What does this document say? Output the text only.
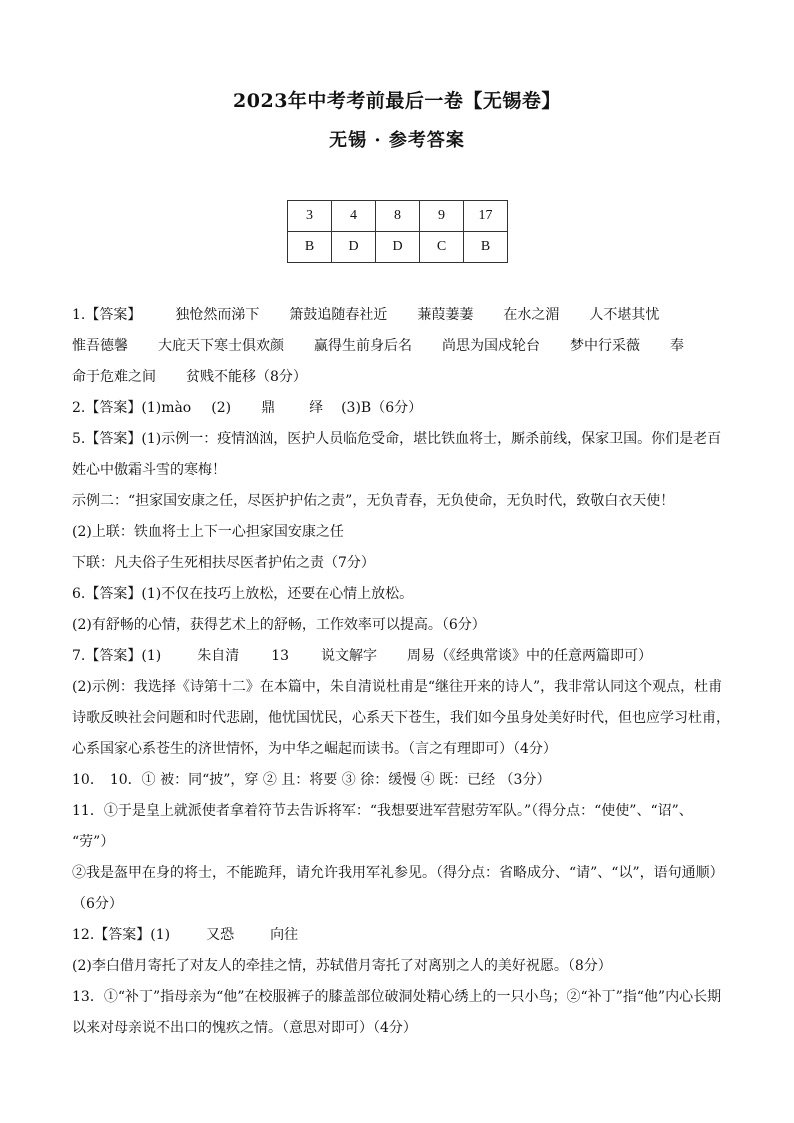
2023年中考考前最后一卷【无锡卷】
无锡 · 参考答案
3	4	8	9	17
B	D	D	C	B
1.【答案】 独怆然而涕下 箫鼓追随春社近 蒹葭萋萋 在水之湄 人不堪其忧
惟吾德馨 大庇天下寒士俱欢颜 赢得生前身后名 尚思为国戍轮台 梦中行采薇 奉
命于危难之间 贫贱不能移（8分）
2.【答案】(1)mào (2) 鼎 绎 (3)B（6分）
5.【答案】(1)示例一：疫情汹汹，医护人员临危受命，堪比铁血将士，厮杀前线，保家卫国。你们是老百
姓心中傲霜斗雪的寒梅！
示例二：“担家国安康之任，尽医护护佑之责”，无负青春，无负使命，无负时代，致敬白衣天使！
(2)上联：铁血将士上下一心担家国安康之任
下联：凡夫俗子生死相扶尽医者护佑之责（7分）
6.【答案】(1)不仅在技巧上放松，还要在心情上放松。
(2)有舒畅的心情，获得艺术上的舒畅，工作效率可以提高。（6分）
7.【答案】(1)	朱自清 13 说文解字 周易（《经典常谈》中的任意两篇即可）
(2)示例：我选择《诗第十二》在本篇中，朱自清说杜甫是“继往开来的诗人”，我非常认同这个观点，杜甫
诗歌反映社会问题和时代悲剧，他忧国忧民，心系天下苍生，我们如今虽身处美好时代，但也应学习杜甫，
心系国家心系苍生的济世情怀，为中华之崛起而读书。（言之有理即可）（4分）
10． 10．① 被：同“披”，穿 ② 且：将要 ③ 徐：缓慢 ④ 既：已经 （3分）
11．①于是皇上就派使者拿着符节去告诉将军：“我想要进军营慰劳军队。”（得分点：“使使”、“诏”、
“劳”）
②我是盔甲在身的将士，不能跪拜，请允许我用军礼参见。（得分点：省略成分、“请”、“以”，语句通顺）
（6分）
12.【答案】(1)	又恐	向往
(2)李白借月寄托了对友人的牵挂之情，苏轼借月寄托了对离别之人的美好祝愿。（8分）
13．①“补丁”指母亲为“他”在校服裤子的膝盖部位破洞处精心绣上的一只小鸟；②“补丁”指“他”内心长期
以来对母亲说不出口的愧疚之情。（意思对即可）（4分）
